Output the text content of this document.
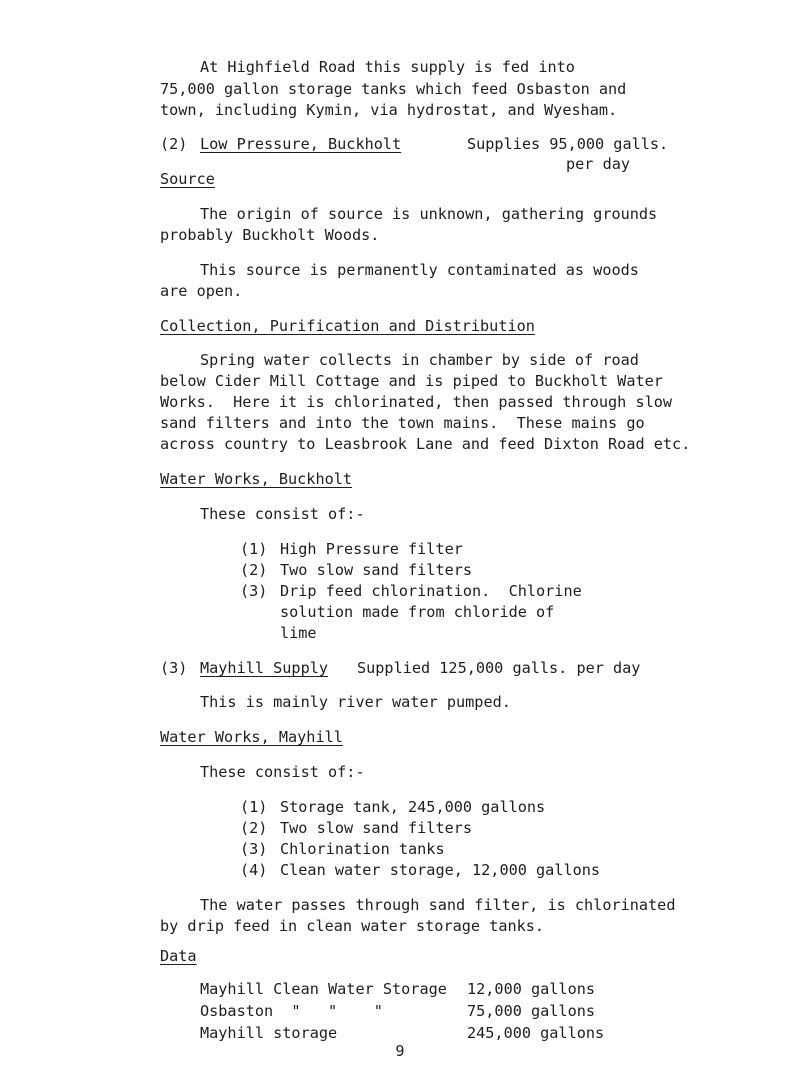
At Highfield Road this supply is fed into
75,000 gallon storage tanks which feed Osbaston and
town, including Kymin, via hydrostat, and Wyesham.
(2) Low Pressure, Buckholt	Supplies 95,000 galls.
per day
Source
The origin of source is unknown, gathering grounds
probably Buckholt Woods.
This source is permanently contaminated as woods
are open.
Collection, Purification and Distribution
Spring water collects in chamber by side of road
below Cider Mill Cottage and is piped to Buckholt Water
Works.  Here it is chlorinated, then passed through slow
sand filters and into the town mains.  These mains go
across country to Leasbrook Lane and feed Dixton Road etc.
Water Works, Buckholt
These consist of:-
(1) High Pressure filter
(2) Two slow sand filters
(3) Drip feed chlorination.  Chlorine
solution made from chloride of
lime
(3) Mayhill Supply Supplied 125,000 galls. per day
This is mainly river water pumped.
Water Works, Mayhill
These consist of:-
(1) Storage tank, 245,000 gallons
(2) Two slow sand filters
(3) Chlorination tanks
(4) Clean water storage, 12,000 gallons
The water passes through sand filter, is chlorinated
by drip feed in clean water storage tanks.
Data
9
Mayhill Clean Water Storage 12,000 gallons
Osbaston  "   "    "	75,000 gallons
Mayhill storage	245,000 gallons
